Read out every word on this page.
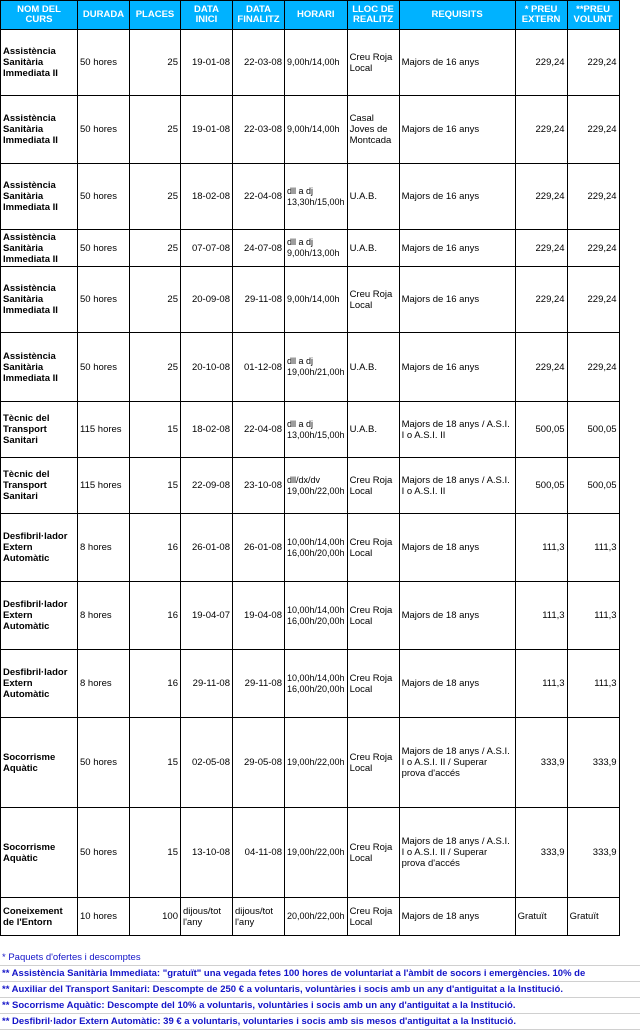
NOM DEL CURS	DURADA	PLACES	DATA INICI	DATA FINALITZ	HORARI	LLOC DE REALITZ	REQUISITS	* PREU EXTERN	**PREU VOLUNT
Assistència Sanitària Immediata II	50 hores	25	19-01-08	22-03-08	9,00h/14,00h	Creu Roja Local	Majors de 16 anys	229,24	229,24
Assistència Sanitària Immediata II	50 hores	25	19-01-08	22-03-08	9,00h/14,00h	Casal Joves de Montcada	Majors de 16 anys	229,24	229,24
Assistència Sanitària Immediata II	50 hores	25	18-02-08	22-04-08	dll a dj 13,30h/15,00h	U.A.B.	Majors de 16 anys	229,24	229,24
Assistència Sanitària Immediata II	50 hores	25	07-07-08	24-07-08	dll a dj 9,00h/13,00h	U.A.B.	Majors de 16 anys	229,24	229,24
Assistència Sanitària Immediata II	50 hores	25	20-09-08	29-11-08	9,00h/14,00h	Creu Roja Local	Majors de 16 anys	229,24	229,24
Assistència Sanitària Immediata II	50 hores	25	20-10-08	01-12-08	dll a dj 19,00h/21,00h	U.A.B.	Majors de 16 anys	229,24	229,24
Tècnic del Transport Sanitari	115 hores	15	18-02-08	22-04-08	dll a dj 13,00h/15,00h	U.A.B.	Majors de 18 anys / A.S.I. I o A.S.I. II	500,05	500,05
Tècnic del Transport Sanitari	115 hores	15	22-09-08	23-10-08	dll/dx/dv 19,00h/22,00h	Creu Roja Local	Majors de 18 anys / A.S.I. I o A.S.I. II	500,05	500,05
Desfibril·lador Extern Automàtic	8 hores	16	26-01-08	26-01-08	10,00h/14,00h 16,00h/20,00h	Creu Roja Local	Majors de 18 anys	111,3	111,3
Desfibril·lador Extern Automàtic	8 hores	16	19-04-07	19-04-08	10,00h/14,00h 16,00h/20,00h	Creu Roja Local	Majors de 18 anys	111,3	111,3
Desfibril·lador Extern Automàtic	8 hores	16	29-11-08	29-11-08	10,00h/14,00h 16,00h/20,00h	Creu Roja Local	Majors de 18 anys	111,3	111,3
Socorrisme Aquàtic	50 hores	15	02-05-08	29-05-08	19,00h/22,00h	Creu Roja Local	Majors de 18 anys / A.S.I. I o A.S.I. II / Superar prova d'accés	333,9	333,9
Socorrisme Aquàtic	50 hores	15	13-10-08	04-11-08	19,00h/22,00h	Creu Roja Local	Majors de 18 anys / A.S.I. I o A.S.I. II / Superar prova d'accés	333,9	333,9
Coneixement de l'Entorn	10 hores	100	dijous/tot l'any	dijous/tot l'any	20,00h/22,00h	Creu Roja Local	Majors de 18 anys	Gratuït	Gratuït
* Paquets d'ofertes i descomptes
** Assistència Sanitària Immediata: "gratuït" una vegada fetes 100 hores de voluntariat a l'àmbit de socors i emergències. 10% de
** Auxiliar del Transport Sanitari: Descompte de 250 € a voluntaris, voluntàries i socis amb un any d'antiguitat a la Institució.
** Socorrisme Aquàtic: Descompte del 10% a voluntaris, voluntàries i socis amb un any d'antiguitat a la Institució.
** Desfibril·lador Extern Automàtic: 39 € a voluntaris, voluntaries i socis amb sis mesos d'antiguitat a la Institució.
